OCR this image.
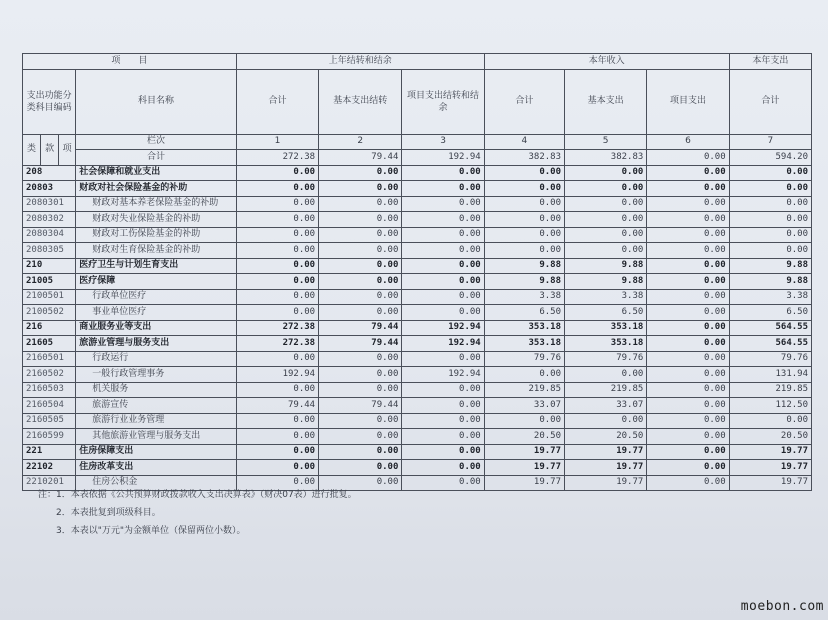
项　　目				上年结转和结余			本年收入			本年支出
支出功能分类科目编码			科目名称	合计	基本支出结转	项目支出结转和结余	合计	基本支出	项目支出	合计
类	款	项	栏次	1	2	3	4	5	6	7
			合计	272.38	79.44	192.94	382.83	382.83	0.00	594.20
208			社会保障和就业支出	0.00	0.00	0.00	0.00	0.00	0.00	0.00
20803			财政对社会保险基金的补助	0.00	0.00	0.00	0.00	0.00	0.00	0.00
2080301			财政对基本养老保险基金的补助	0.00	0.00	0.00	0.00	0.00	0.00	0.00
2080302			财政对失业保险基金的补助	0.00	0.00	0.00	0.00	0.00	0.00	0.00
2080304			财政对工伤保险基金的补助	0.00	0.00	0.00	0.00	0.00	0.00	0.00
2080305			财政对生育保险基金的补助	0.00	0.00	0.00	0.00	0.00	0.00	0.00
210			医疗卫生与计划生育支出	0.00	0.00	0.00	9.88	9.88	0.00	9.88
21005			医疗保障	0.00	0.00	0.00	9.88	9.88	0.00	9.88
2100501			行政单位医疗	0.00	0.00	0.00	3.38	3.38	0.00	3.38
2100502			事业单位医疗	0.00	0.00	0.00	6.50	6.50	0.00	6.50
216			商业服务业等支出	272.38	79.44	192.94	353.18	353.18	0.00	564.55
21605			旅游业管理与服务支出	272.38	79.44	192.94	353.18	353.18	0.00	564.55
2160501			行政运行	0.00	0.00	0.00	79.76	79.76	0.00	79.76
2160502			一般行政管理事务	192.94	0.00	192.94	0.00	0.00	0.00	131.94
2160503			机关服务	0.00	0.00	0.00	219.85	219.85	0.00	219.85
2160504			旅游宣传	79.44	79.44	0.00	33.07	33.07	0.00	112.50
2160505			旅游行业业务管理	0.00	0.00	0.00	0.00	0.00	0.00	0.00
2160599			其他旅游业管理与服务支出	0.00	0.00	0.00	20.50	20.50	0.00	20.50
221			住房保障支出	0.00	0.00	0.00	19.77	19.77	0.00	19.77
22102			住房改革支出	0.00	0.00	0.00	19.77	19.77	0.00	19.77
2210201			住房公积金	0.00	0.00	0.00	19.77	19.77	0.00	19.77
注：1．本表依据《公共预算财政拨款收入支出决算表》（财决07表）进行批复。
2．本表批复到项级科目。
3．本表以"万元"为金额单位（保留两位小数）。
moebon.com
